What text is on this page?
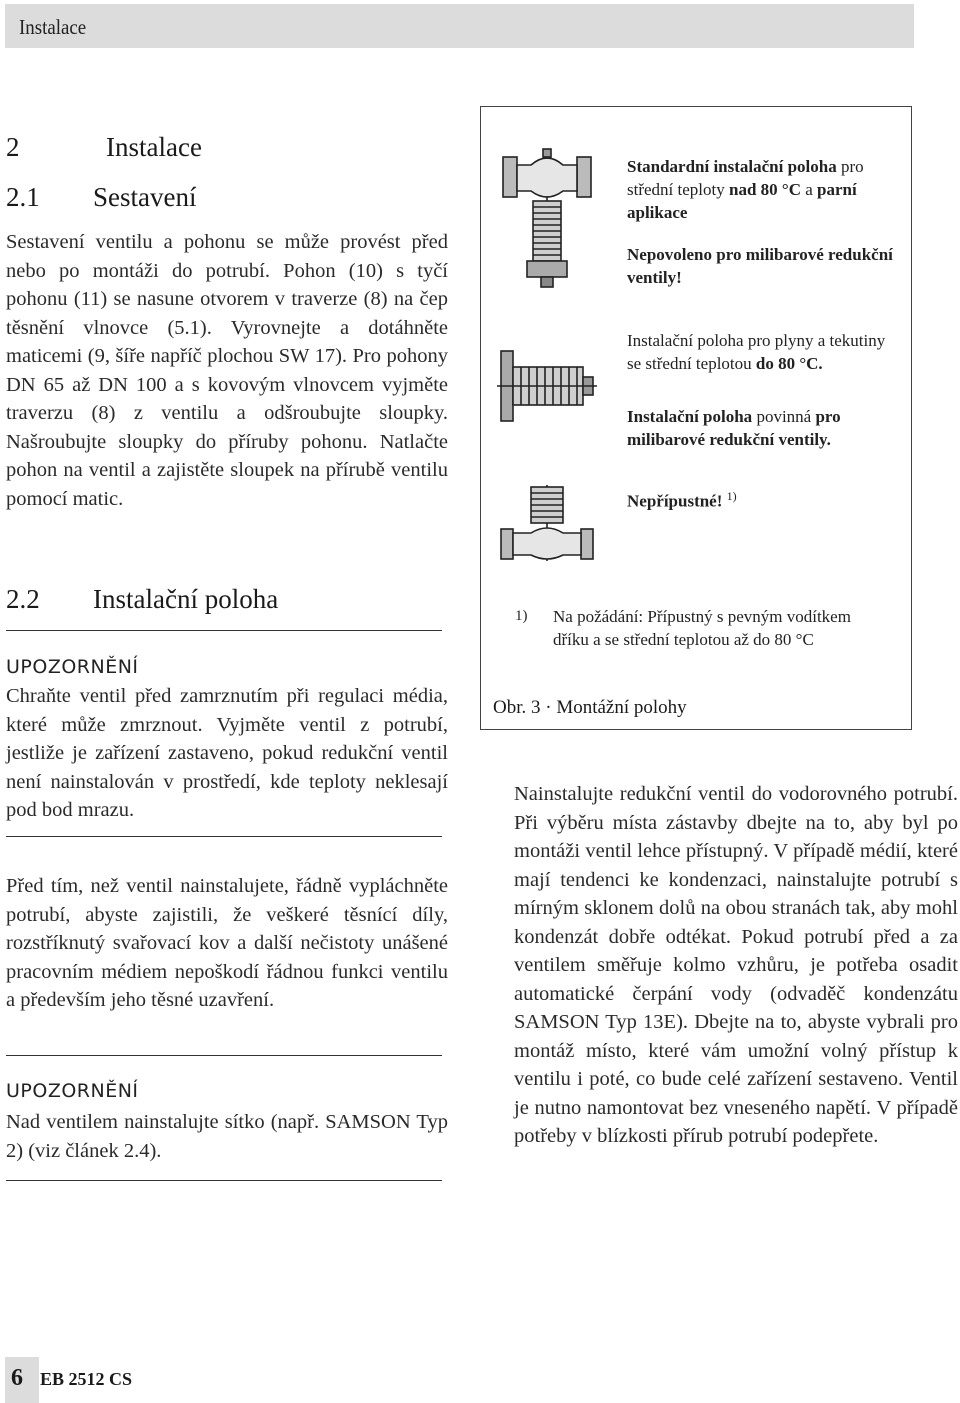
Instalace
2	Instalace
2.1 Sestavení
Sestavení ventilu a pohonu se může provést před nebo po montáži do potrubí. Pohon (10) s tyčí pohonu (11) se nasune otvorem v traverze (8) na čep těsnění vlnovce (5.1). Vyrovnejte a dotáhněte maticemi (9, šíře napříč plochou SW 17). Pro pohony DN 65 až DN 100 a s kovovým vlnovcem vyjměte traverzu (8) z ventilu a odšroubujte sloupky. Našroubujte sloupky do příruby pohonu. Natlačte pohon na ventil a zajistěte sloupek na přírubě ventilu pomocí matic.
2.2 Instalační poloha
UPOZORNĚNÍ
Chraňte ventil před zamrznutím při regulaci média, které může zmrznout. Vyjměte ventil z potrubí, jestliže je zařízení zastaveno, pokud redukční ventil není nainstalován v prostředí, kde teploty neklesají pod bod mrazu.
Před tím, než ventil nainstalujete, řádně vypláchněte potrubí, abyste zajistili, že veškeré těsnící díly, rozstříknutý svařovací kov a další nečistoty unášené pracovním médiem nepoškodí řádnou funkci ventilu a především jeho těsné uzavření.
UPOZORNĚNÍ
Nad ventilem nainstalujte sítko (např. SAMSON Typ 2) (viz článek 2.4).
Standardní instalační poloha pro střední teploty nad 80 °C a parní aplikace
Nepovoleno pro milibarové redukční ventily!
Instalační poloha pro plyny a tekutiny se střední teplotou do 80 °C.
Instalační poloha povinná pro milibarové redukční ventily.
Nepřípustné! $^{1)}$
1) Na požádání: Přípustný s pevným vodítkem
dříku a se střední teplotou až do 80 °C
Obr. 3 · Montážní polohy
Nainstalujte redukční ventil do vodorovného potrubí. Při výběru místa zástavby dbejte na to, aby byl po montáži ventil lehce přístupný. V případě médií, které mají tendenci ke kondenzaci, nainstalujte potrubí s mírným sklonem dolů na obou stranách tak, aby mohl kondenzát dobře odtékat. Pokud potrubí před a za ventilem směřuje kolmo vzhůru, je potřeba osadit automatické čerpání vody (odvaděč kondenzátu SAMSON Typ 13E). Dbejte na to, abyste vybrali pro montáž místo, které vám umožní volný přístup k ventilu i poté, co bude celé zařízení sestaveno. Ventil je nutno namontovat bez vneseného napětí. V případě potřeby v blízkosti přírub potrubí podepřete.
6 EB 2512 CS
